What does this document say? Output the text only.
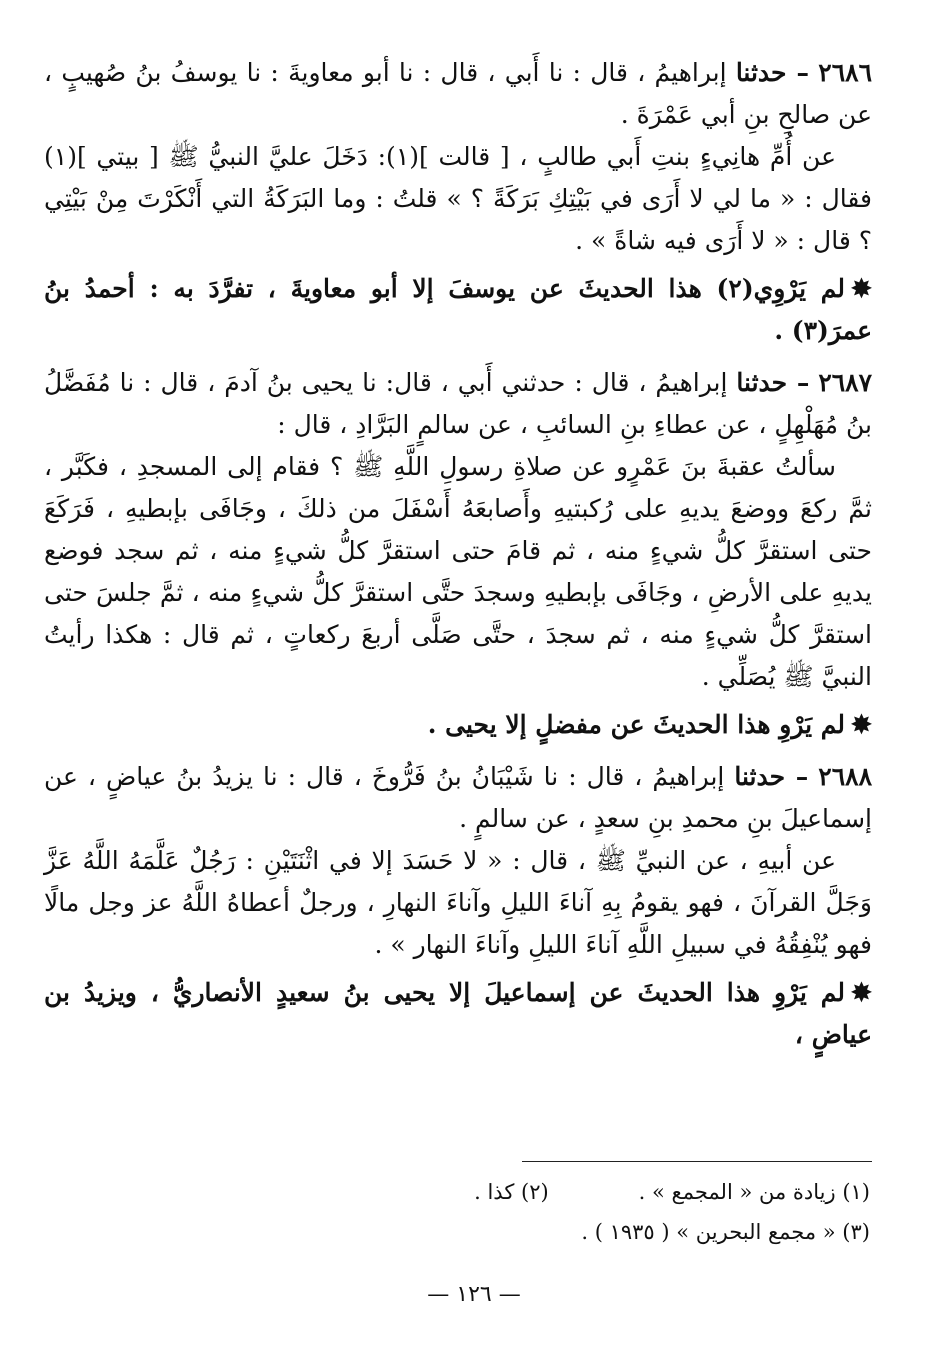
٢٦٨٦ – حدثنا إبراهيمُ ، قال : نا أَبي ، قال : نا أبو معاويةَ : نا يوسفُ بنُ صُهيبٍ ، عن صالحِ بنِ أبي عَمْرَةَ .

عن أُمِّ هانِيءٍ بنتِ أَبي طالبٍ ، [ قالت ](١): دَخَلَ عليَّ النبيُّ ﷺ [ بيتي ](١) فقال : « ما لي لا أَرَى في بَيْتِكِ بَرَكَةً ؟ » قلتُ : وما البَرَكَةُ التي أَنْكَرْتَ مِنْ بَيْتِي ؟ قال : « لا أَرَى فيه شاةً » .

✸لم يَرْوِي(٢) هذا الحديثَ عن يوسفَ إلا أبو معاويةَ ، تفرَّدَ به : أحمدُ بنُ عمرَ(٣) .

٢٦٨٧ – حدثنا إبراهيمُ ، قال : حدثني أَبي ، قال: نا يحيى بنُ آدمَ ، قال : نا مُفَضَّلُ بنُ مُهَلْهِلٍ ، عن عطاءِ بنِ السائبِ ، عن سالمٍ البَرَّادِ ، قال :

سألتُ عقبةَ بنَ عَمْرٍو عن صلاةِ رسولِ اللَّهِ ﷺ ؟ فقام إلى المسجدِ ، فكَبَّر ، ثمَّ ركعَ ووضعَ يديهِ على رُكبتيهِ وأَصابعَهُ أَسْفَلَ من ذلكَ ، وجَافَى بإبطيهِ ، فَرَكَعَ حتى استقرَّ كلُّ شيءٍ منه ، ثم قامَ حتى استقرَّ كلُّ شيءٍ منه ، ثم سجد فوضع يديهِ على الأرضِ ، وجَافَى بإبطيهِ وسجدَ حتَّى استقرَّ كلُّ شيءٍ منه ، ثمَّ جلسَ حتى استقرَّ كلُّ شيءٍ منه ، ثم سجدَ ، حتَّى صَلَّى أربعَ ركعاتٍ ، ثم قال : هكذا رأيتُ النبيَّ ﷺ يُصَلِّي .

✸لم يَرْوِ هذا الحديثَ عن مفضلٍ إلا يحيى .

٢٦٨٨ – حدثنا إبراهيمُ ، قال : نا شَيْبَانُ بنُ فَرُّوخَ ، قال : نا يزيدُ بنُ عياضٍ ، عن إسماعيلَ بنِ محمدِ بنِ سعدٍ ، عن سالمٍ .

عن أبيهِ ، عن النبيِّ ﷺ ، قال : « لا حَسَدَ إلا في اثْنَتَيْنِ : رَجُلٌ عَلَّمَهُ اللَّهُ عَزَّ وَجَلَّ القرآنَ ، فهو يقومُ بِهِ آناءَ الليلِ وآناءَ النهارِ ، ورجلٌ أعطاهُ اللَّهُ عز وجل مالًا فهو يُنْفِقُهُ في سبيلِ اللَّهِ آناءَ الليلِ وآناءَ النهار » .

✸لم يَرْوِ هذا الحديثَ عن إسماعيلَ إلا يحيى بنُ سعيدٍ الأنصاريُّ ، ويزيدُ بن عياضٍ ،

(١) زيادة من « المجمع » .
(٢) كذا .
(٣) « مجمع البحرين » ( ١٩٣٥ ) .
— ١٢٦ —
